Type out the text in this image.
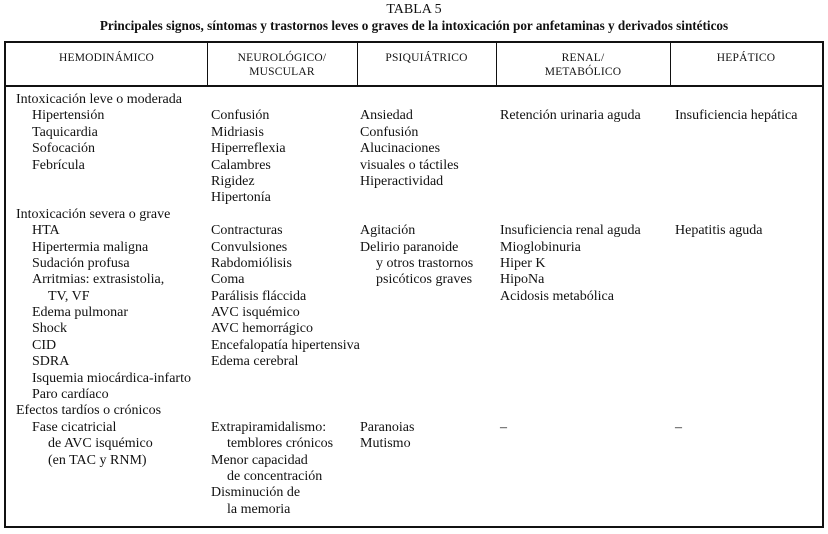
TABLA 5
Principales signos, síntomas y trastornos leves o graves de la intoxicación por anfetaminas y derivados sintéticos
HEMODINÁMICO	NEUROLÓGICO/
MUSCULAR
PSIQUIÁTRICO	RENAL/
METABÓLICO
HEPÁTICO
Intoxicación leve o moderada
Hipertensión
Taquicardia
Sofocación
Febrícula
Intoxicación severa o grave
HTA
Hipertermia maligna
Sudación profusa
Arritmias: extrasistolia,
TV, VF
Edema pulmonar
Shock
CID
SDRA
Isquemia miocárdica-infarto
Paro cardíaco
Efectos tardíos o crónicos
Fase cicatricial
de AVC isquémico
(en TAC y RNM)
Confusión
Midriasis
Hiperreflexia
Calambres
Rigidez
Hipertonía
Contracturas
Convulsiones
Rabdomiólisis
Coma
Parálisis fláccida
AVC isquémico
AVC hemorrágico
Encefalopatía hipertensiva
Edema cerebral
Extrapiramidalismo:
temblores crónicos
Menor capacidad
de concentración
Disminución de
la memoria
Ansiedad
Confusión
Alucinaciones
visuales o táctiles
Hiperactividad
Agitación
Delirio paranoide
y otros trastornos
psicóticos graves
Paranoias
Mutismo
Retención urinaria aguda
Insuficiencia renal aguda
Mioglobinuria
Hiper K
HipoNa
Acidosis metabólica
–
Insuficiencia hepática
Hepatitis aguda
–
